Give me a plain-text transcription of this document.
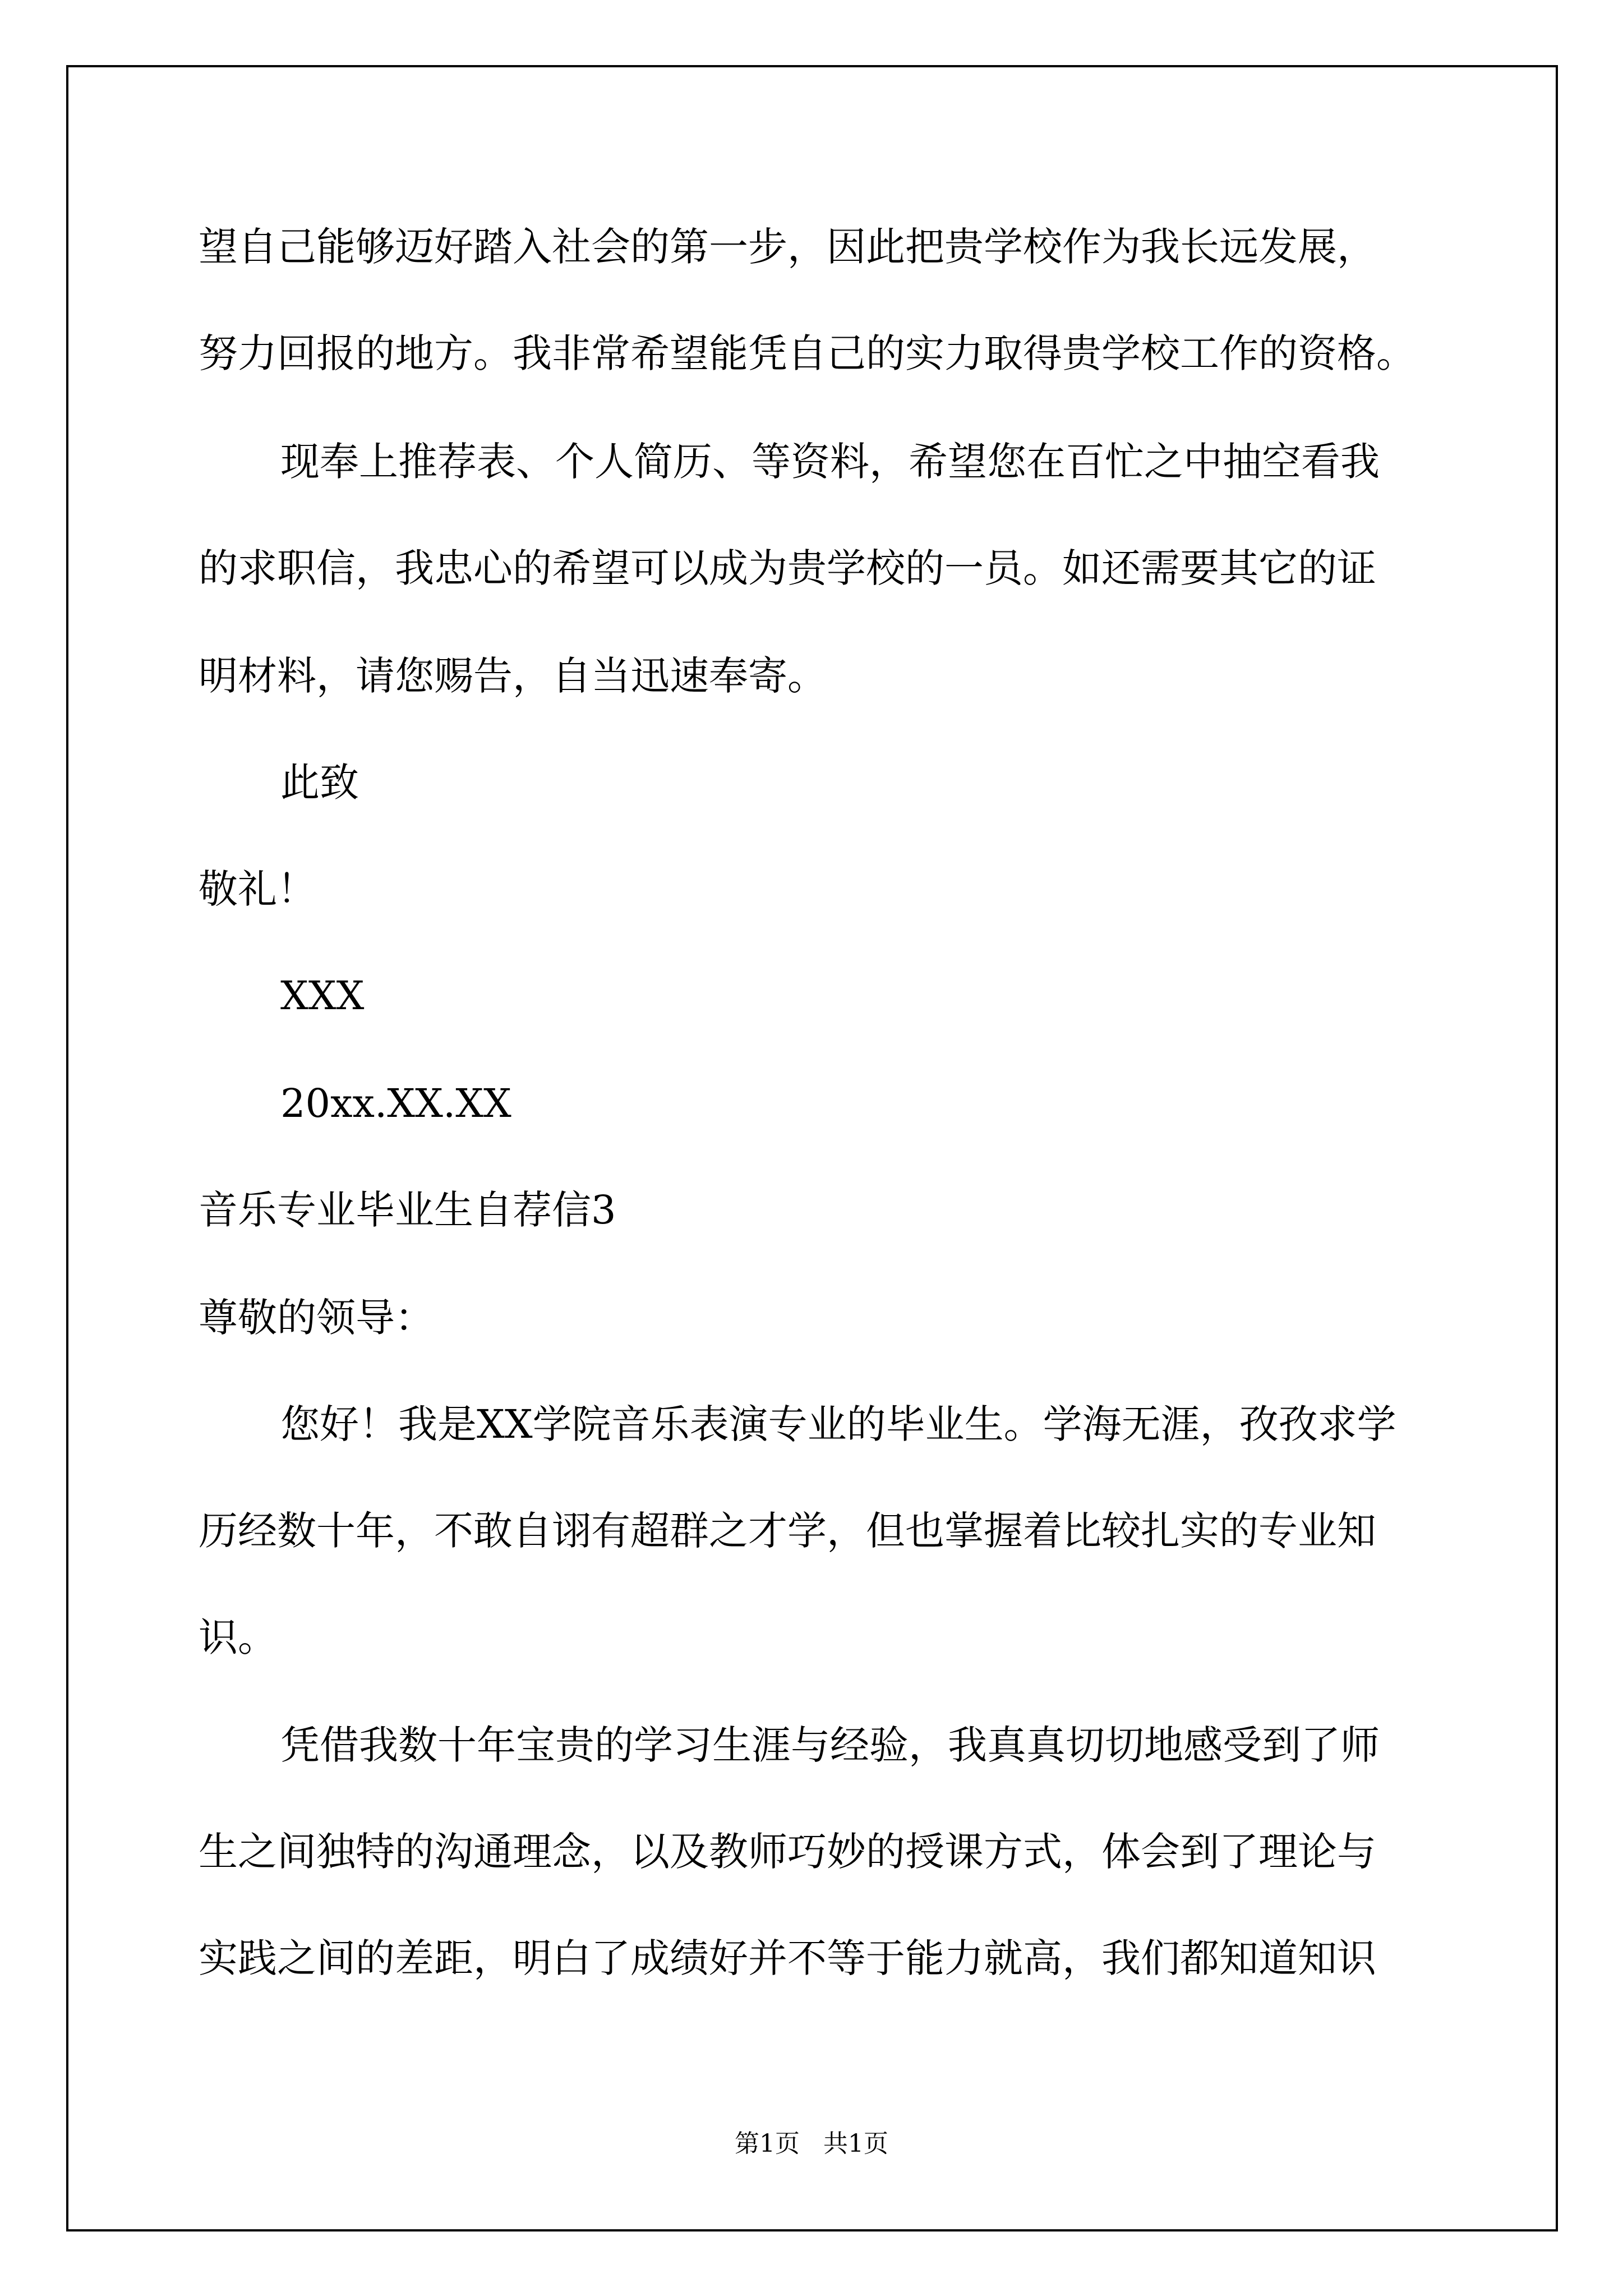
望自己能够迈好踏入社会的第一步，因此把贵学校作为我长远发展，
努力回报的地方。我非常希望能凭自己的实力取得贵学校工作的资格。
现奉上推荐表、个人简历、等资料，希望您在百忙之中抽空看我
的求职信，我忠心的希望可以成为贵学校的一员。如还需要其它的证
明材料，请您赐告，自当迅速奉寄。
此致
敬礼！
XXX
20xx.XX.XX
音乐专业毕业生自荐信3
尊敬的领导：
您好！我是XX学院音乐表演专业的毕业生。学海无涯，孜孜求学
历经数十年，不敢自诩有超群之才学，但也掌握着比较扎实的专业知
识。
凭借我数十年宝贵的学习生涯与经验，我真真切切地感受到了师
生之间独特的沟通理念，以及教师巧妙的授课方式，体会到了理论与
实践之间的差距，明白了成绩好并不等于能力就高，我们都知道知识
第1页   共1页
